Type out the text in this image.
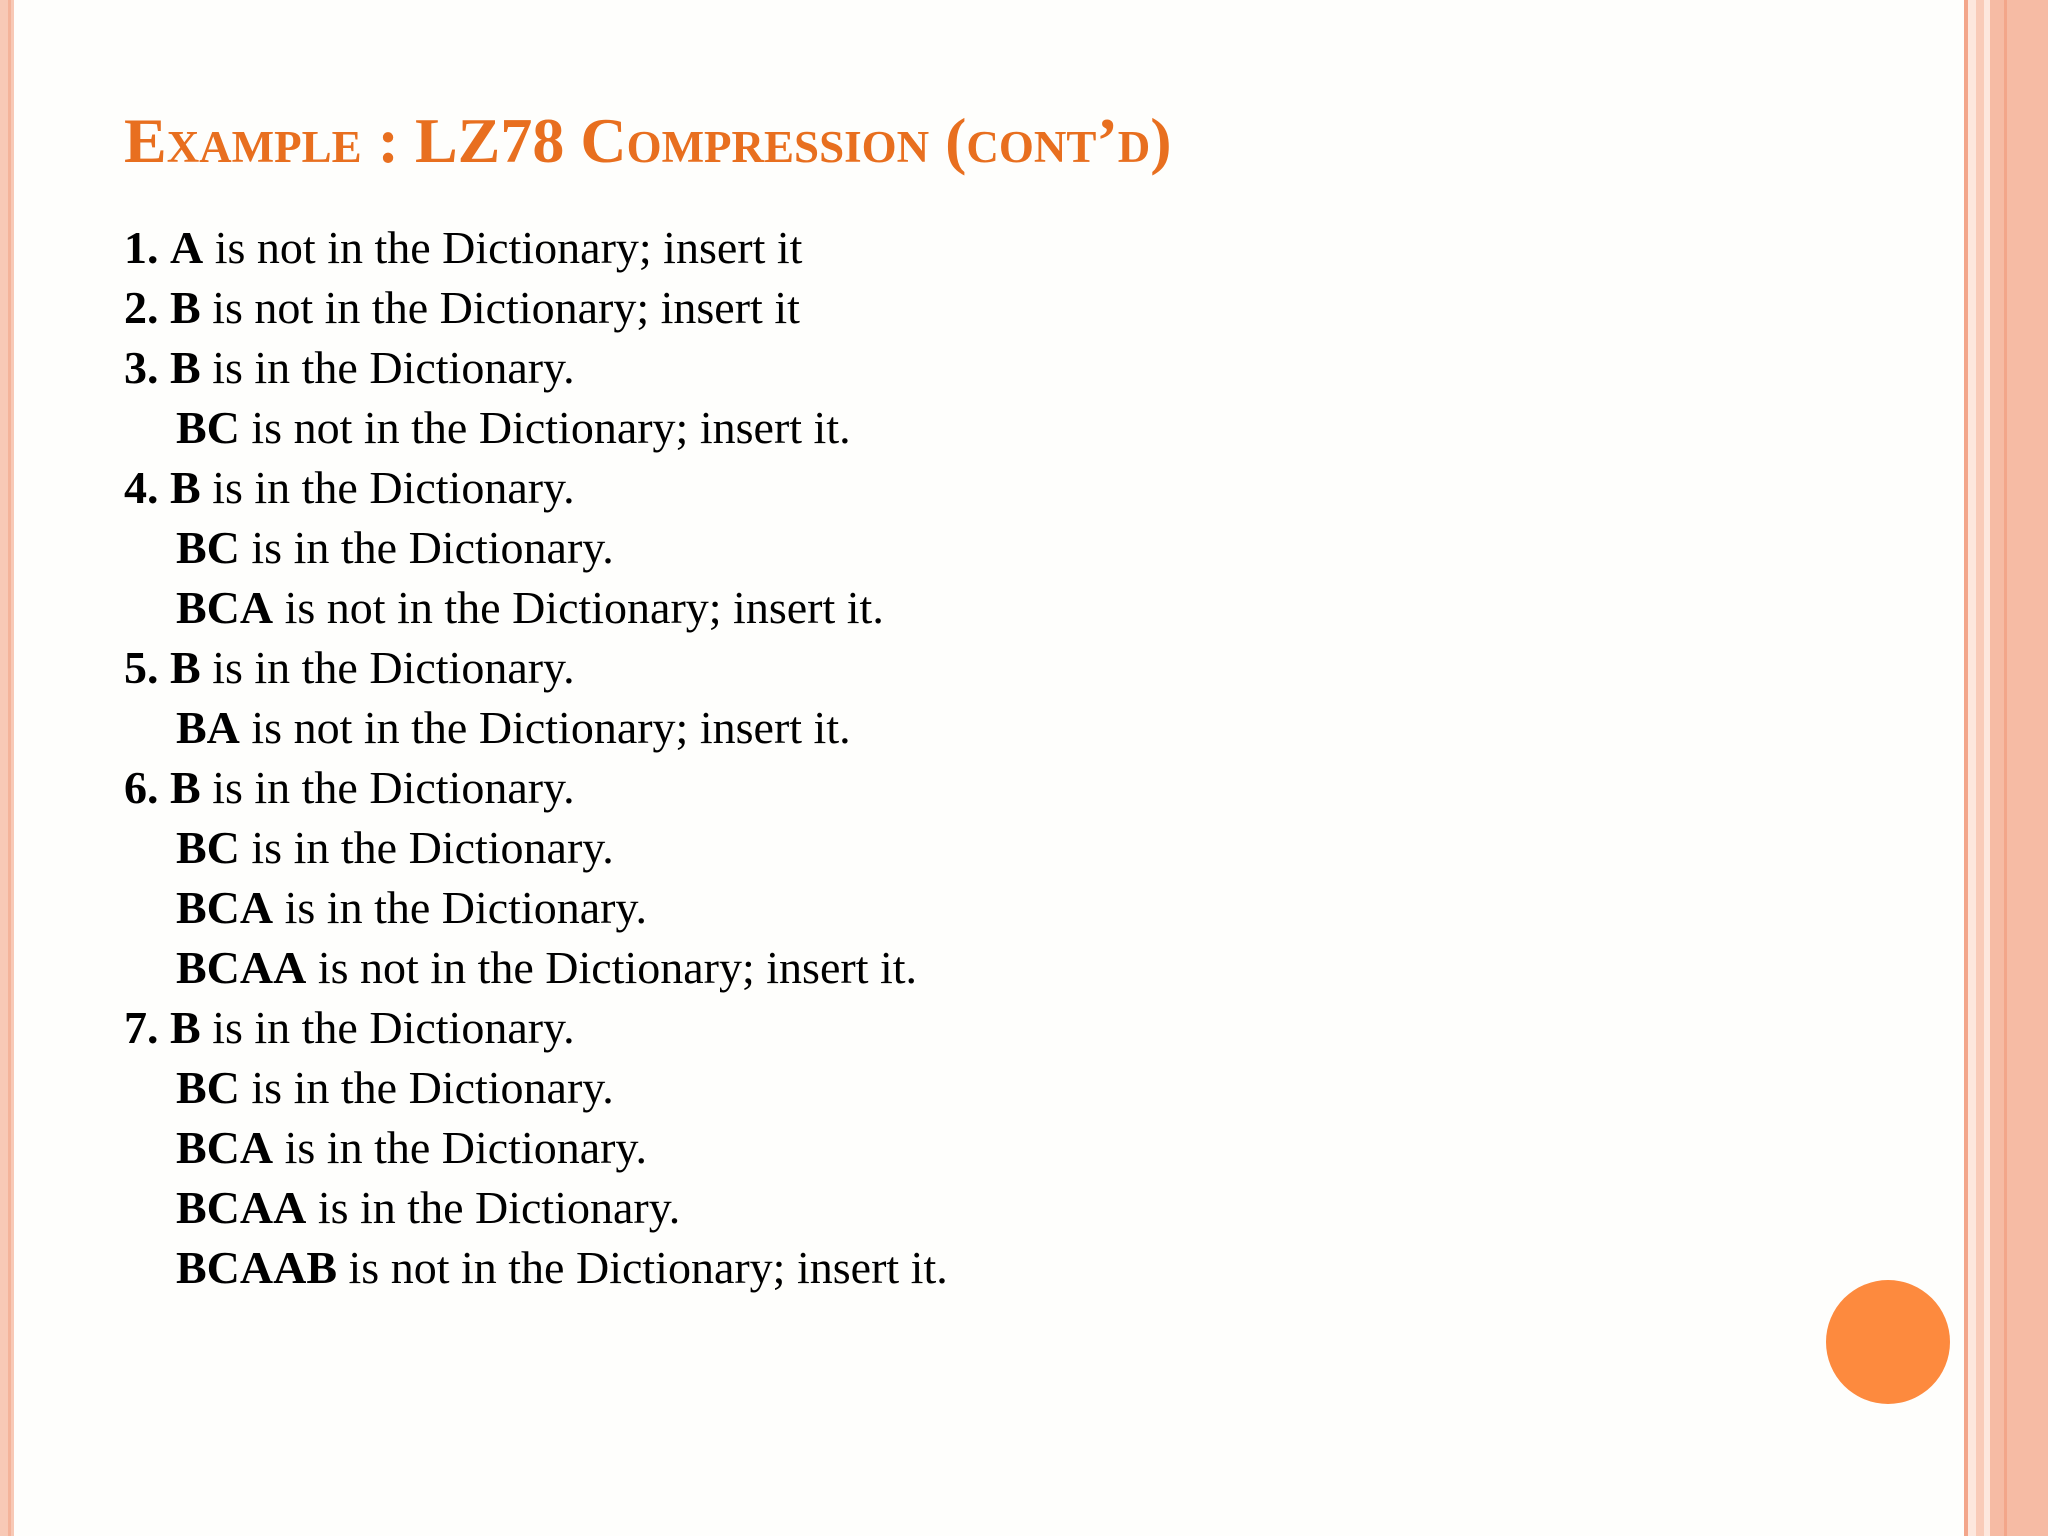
Example : LZ78 Compression (cont’d)
1. A is not in the Dictionary; insert it
2. B is not in the Dictionary; insert it
3. B is in the Dictionary.
BC is not in the Dictionary; insert it.
4. B is in the Dictionary.
BC is in the Dictionary.
BCA is not in the Dictionary; insert it.
5. B is in the Dictionary.
BA is not in the Dictionary; insert it.
6. B is in the Dictionary.
BC is in the Dictionary.
BCA is in the Dictionary.
BCAA is not in the Dictionary; insert it.
7. B is in the Dictionary.
BC is in the Dictionary.
BCA is in the Dictionary.
BCAA is in the Dictionary.
BCAAB is not in the Dictionary; insert it.
